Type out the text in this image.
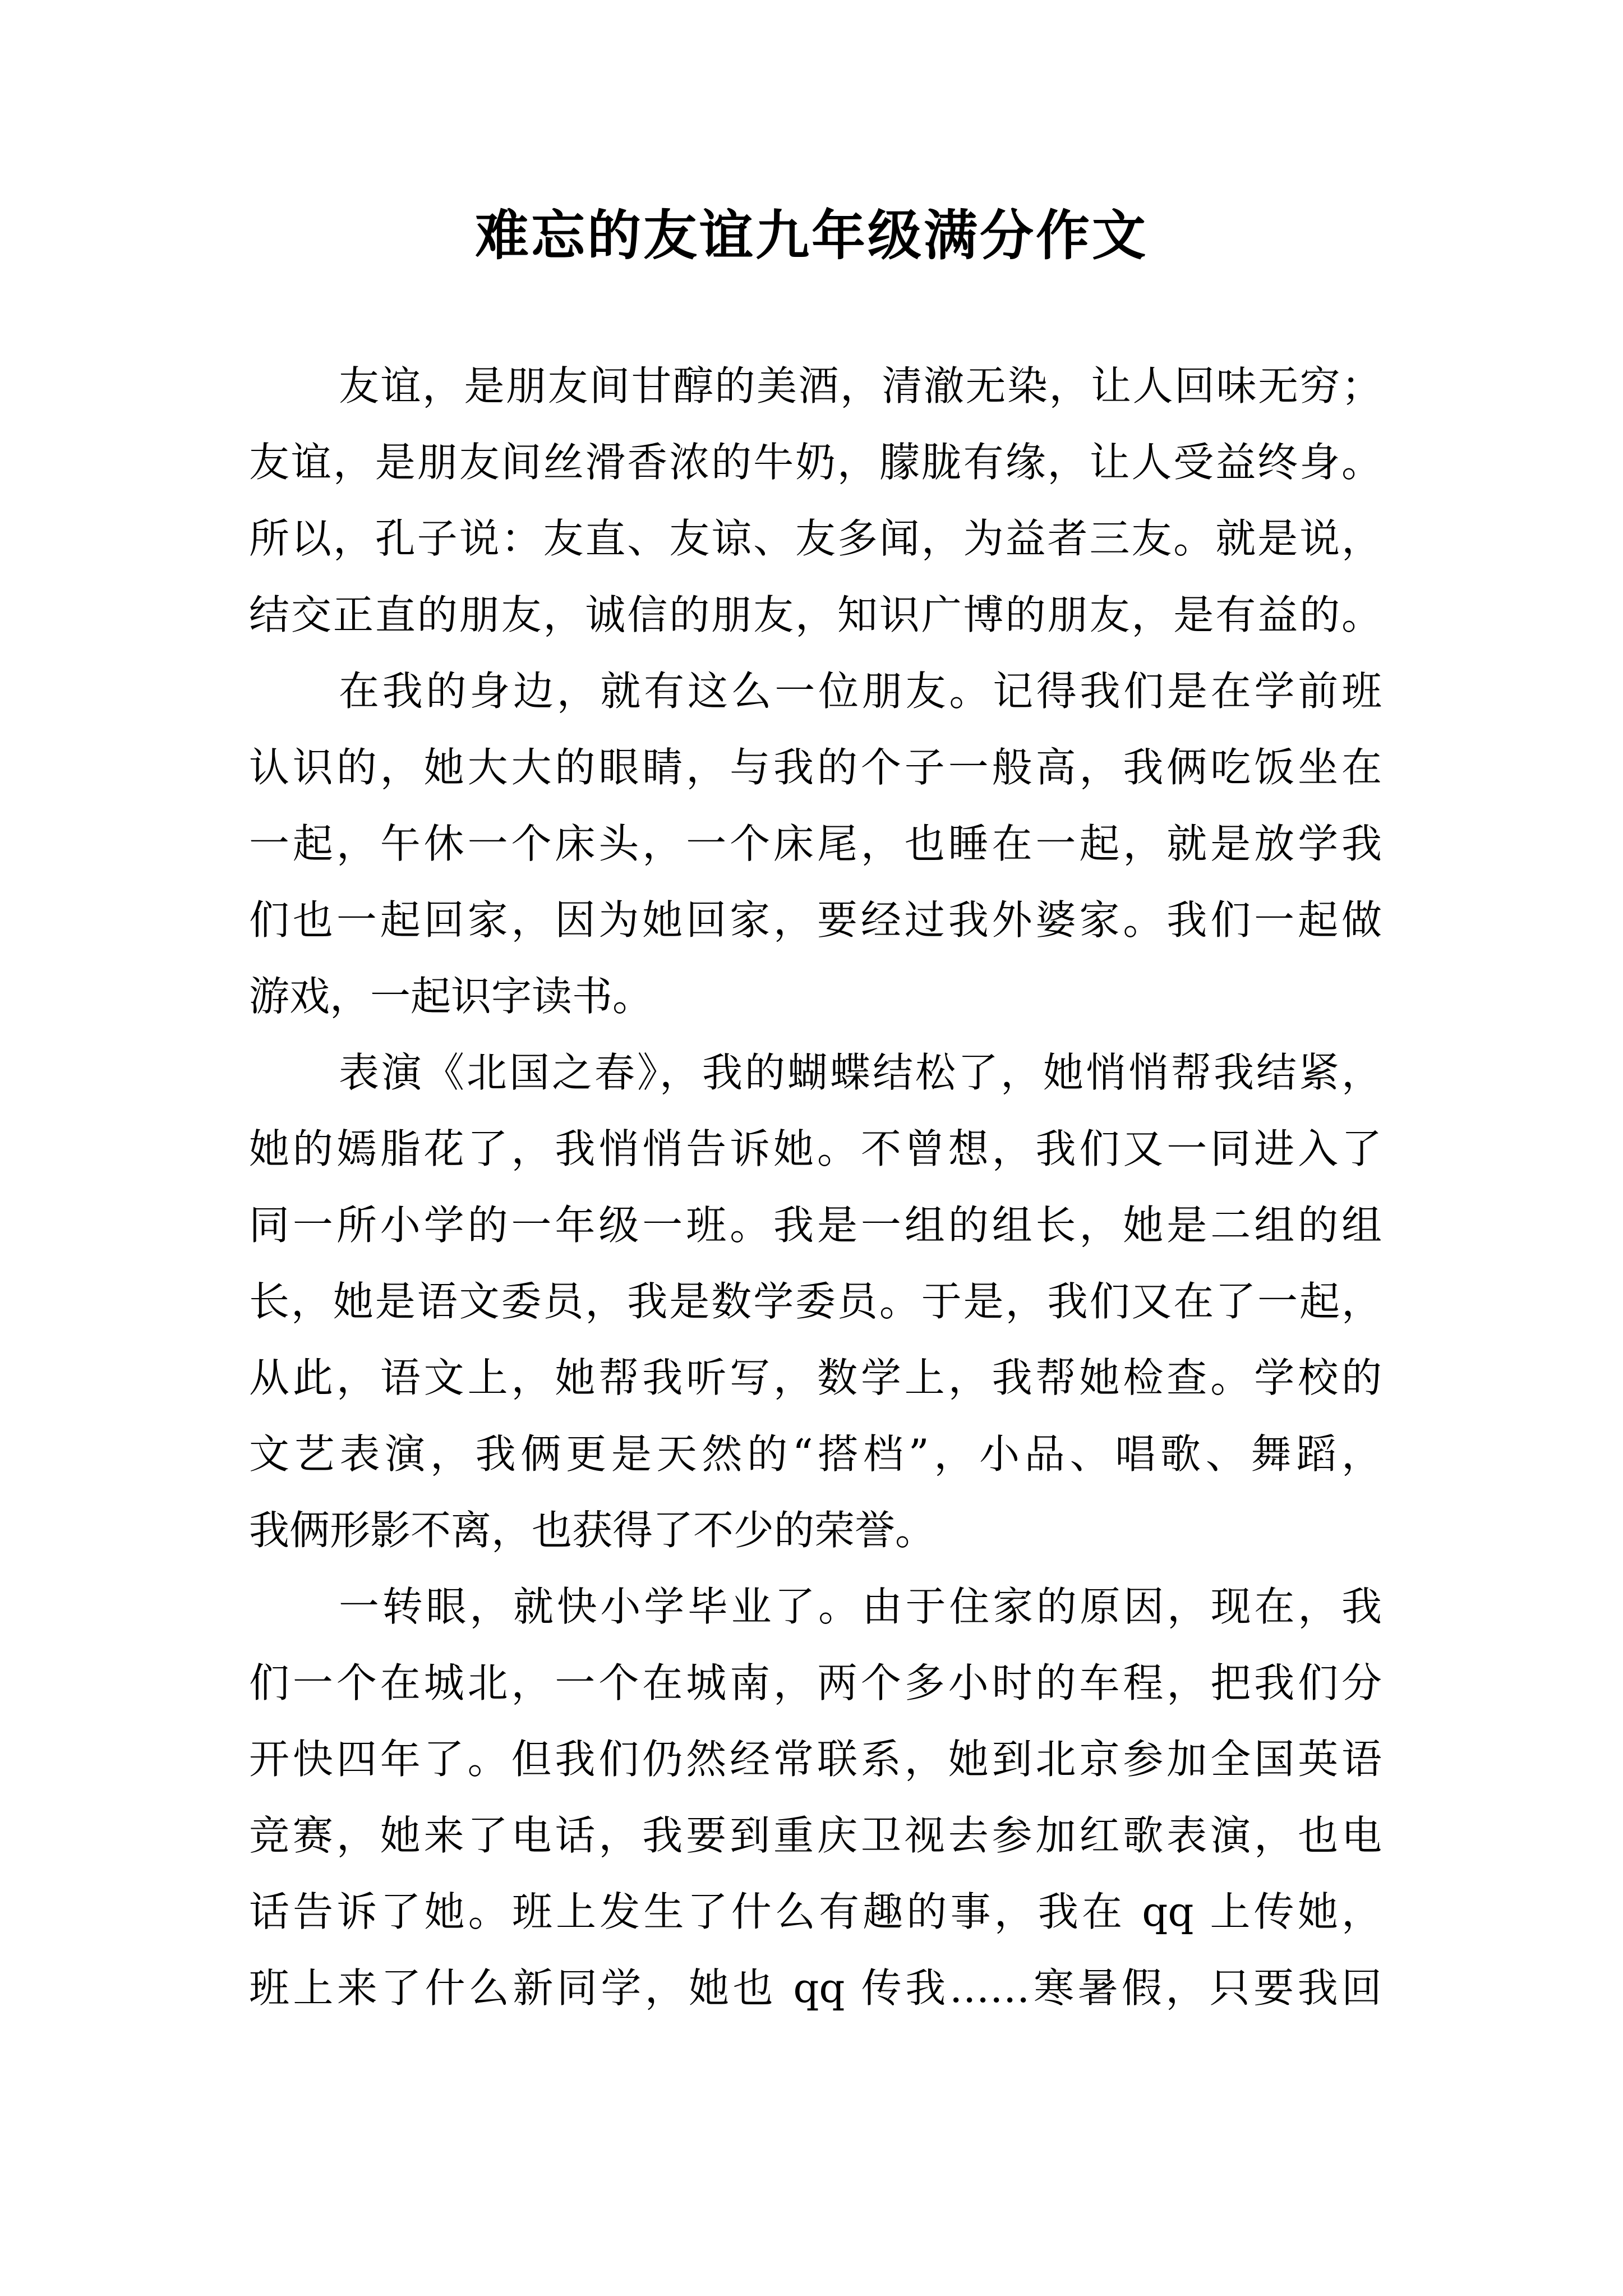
难忘的友谊九年级满分作文
友谊，是朋友间甘醇的美酒，清澈无染，让人回味无穷；
友谊，是朋友间丝滑香浓的牛奶，朦胧有缘，让人受益终身。
所以，孔子说：友直、友谅、友多闻，为益者三友。就是说，
结交正直的朋友，诚信的朋友，知识广博的朋友，是有益的。
在我的身边，就有这么一位朋友。记得我们是在学前班
认识的，她大大的眼睛，与我的个子一般高，我俩吃饭坐在
一起，午休一个床头，一个床尾，也睡在一起，就是放学我
们也一起回家，因为她回家，要经过我外婆家。我们一起做
游戏，一起识字读书。
表演《北国之春》，我的蝴蝶结松了，她悄悄帮我结紧，
她的嫣脂花了，我悄悄告诉她。不曾想，我们又一同进入了
同一所小学的一年级一班。我是一组的组长，她是二组的组
长，她是语文委员，我是数学委员。于是，我们又在了一起，
从此，语文上，她帮我听写，数学上，我帮她检查。学校的
文艺表演，我俩更是天然的“搭档”，小品、唱歌、舞蹈，
我俩形影不离，也获得了不少的荣誉。
一转眼，就快小学毕业了。由于住家的原因，现在，我
们一个在城北，一个在城南，两个多小时的车程，把我们分
开快四年了。但我们仍然经常联系，她到北京参加全国英语
竞赛，她来了电话，我要到重庆卫视去参加红歌表演，也电
话告诉了她。班上发生了什么有趣的事，我在 qq 上传她，
班上来了什么新同学，她也 qq 传我……寒暑假，只要我回
